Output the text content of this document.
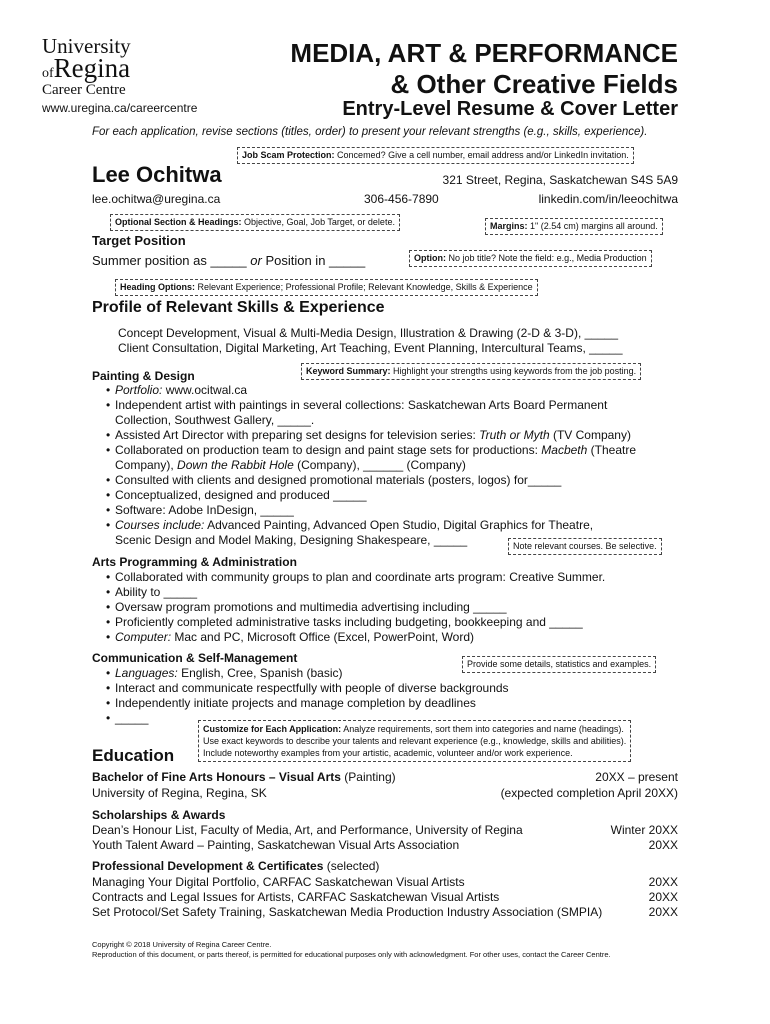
University
ofRegina
Career Centre
www.uregina.ca/careercentre
MEDIA, ART & PERFORMANCE
& Other Creative Fields
Entry-Level Resume & Cover Letter
For each application, revise sections (titles, order) to present your relevant strengths (e.g., skills, experience).
Job Scam Protection: Concemed? Give a cell number, email address and/or LinkedIn invitation.
Lee Ochitwa	321 Street, Regina, Saskatchewan S4S 5A9
lee.ochitwa@uregina.ca	306-456-7890	linkedin.com/in/leeochitwa
Optional Section & Headings: Objective, Goal, Job Target, or delete.	Margins: 1" (2.54 cm) margins all around.
Target Position
Summer position as _____ or Position in _____	Option: No job title? Note the field: e.g., Media Production
Heading Options: Relevant Experience; Professional Profile; Relevant Knowledge, Skills & Experience
Profile of Relevant Skills & Experience
Concept Development, Visual & Multi-Media Design, Illustration & Drawing (2-D & 3-D), _____
Client Consultation, Digital Marketing, Art Teaching, Event Planning, Intercultural Teams, _____
Keyword Summary: Highlight your strengths using keywords from the job posting.
Painting & Design
• Portfolio: www.ocitwal.ca
• Independent artist with paintings in several collections: Saskatchewan Arts Board Permanent
Collection, Southwest Gallery, _____.
• Assisted Art Director with preparing set designs for television series: Truth or Myth (TV Company)
• Collaborated on production team to design and paint stage sets for productions: Macbeth (Theatre
Company), Down the Rabbit Hole (Company), ______ (Company)
• Consulted with clients and designed promotional materials (posters, logos) for_____
• Conceptualized, designed and produced _____
• Software: Adobe InDesign, _____
• Courses include: Advanced Painting, Advanced Open Studio, Digital Graphics for Theatre,
Scenic Design and Model Making, Designing Shakespeare, _____	Note relevant courses. Be selective.
Arts Programming & Administration
• Collaborated with community groups to plan and coordinate arts program: Creative Summer.
• Ability to _____
• Oversaw program promotions and multimedia advertising including _____
• Proficiently completed administrative tasks including budgeting, bookkeeping and _____
• Computer: Mac and PC, Microsoft Office (Excel, PowerPoint, Word)
Communication & Self-Management	Provide some details, statistics and examples.
• Languages: English, Cree, Spanish (basic)
• Interact and communicate respectfully with people of diverse backgrounds
• Independently initiate projects and manage completion by deadlines
• _____
Customize for Each Application: Analyze requirements, sort them into categories and name (headings).
Use exact keywords to describe your talents and relevant experience (e.g., knowledge, skills and abilities).
Include noteworthy examples from your artistic, academic, volunteer and/or work experience.
Education
Bachelor of Fine Arts Honours – Visual Arts (Painting)	20XX – present
University of Regina, Regina, SK	(expected completion April 20XX)
Scholarships & Awards
Dean’s Honour List, Faculty of Media, Art, and Performance, University of Regina	Winter 20XX
Youth Talent Award – Painting, Saskatchewan Visual Arts Association	20XX
Professional Development & Certificates (selected)
Managing Your Digital Portfolio, CARFAC Saskatchewan Visual Artists	20XX
Contracts and Legal Issues for Artists, CARFAC Saskatchewan Visual Artists	20XX
Set Protocol/Set Safety Training, Saskatchewan Media Production Industry Association (SMPIA)	20XX
Copyright © 2018 University of Regina Career Centre.
Reproduction of this document, or parts thereof, is permitted for educational purposes only with acknowledgment. For other uses, contact the Career Centre.
